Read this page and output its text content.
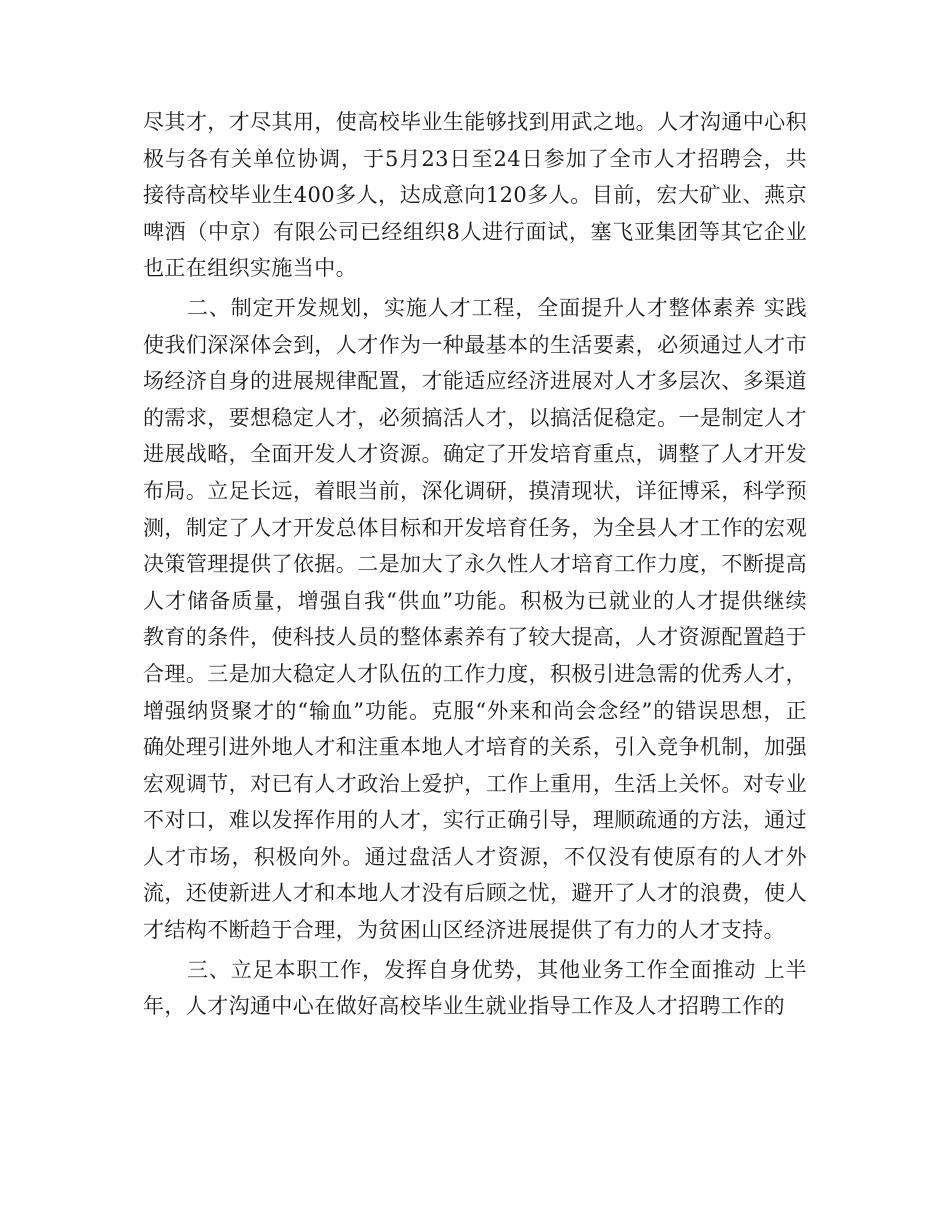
尽其才，才尽其用，使高校毕业生能够找到用武之地。人才沟通中心积极与各有关单位协调，于5月23日至24日参加了全市人才招聘会，共接待高校毕业生400多人，达成意向120多人。目前，宏大矿业、燕京啤酒（中京）有限公司已经组织8人进行面试，塞飞亚集团等其它企业也正在组织实施当中。

二、制定开发规划，实施人才工程，全面提升人才整体素养 实践使我们深深体会到，人才作为一种最基本的生活要素，必须通过人才市场经济自身的进展规律配置，才能适应经济进展对人才多层次、多渠道的需求，要想稳定人才，必须搞活人才，以搞活促稳定。一是制定人才进展战略，全面开发人才资源。确定了开发培育重点，调整了人才开发布局。立足长远，着眼当前，深化调研，摸清现状，详征博采，科学预测，制定了人才开发总体目标和开发培育任务，为全县人才工作的宏观决策管理提供了依据。二是加大了永久性人才培育工作力度，不断提高人才储备质量，增强自我“供血”功能。积极为已就业的人才提供继续教育的条件，使科技人员的整体素养有了较大提高，人才资源配置趋于合理。三是加大稳定人才队伍的工作力度，积极引进急需的优秀人才，增强纳贤聚才的“输血”功能。克服“外来和尚会念经”的错误思想，正确处理引进外地人才和注重本地人才培育的关系，引入竞争机制，加强宏观调节，对已有人才政治上爱护，工作上重用，生活上关怀。对专业不对口，难以发挥作用的人才，实行正确引导，理顺疏通的方法，通过人才市场，积极向外。通过盘活人才资源，不仅没有使原有的人才外流，还使新进人才和本地人才没有后顾之忧，避开了人才的浪费，使人才结构不断趋于合理，为贫困山区经济进展提供了有力的人才支持。

三、立足本职工作，发挥自身优势，其他业务工作全面推动 上半年，人才沟通中心在做好高校毕业生就业指导工作及人才招聘工作的
